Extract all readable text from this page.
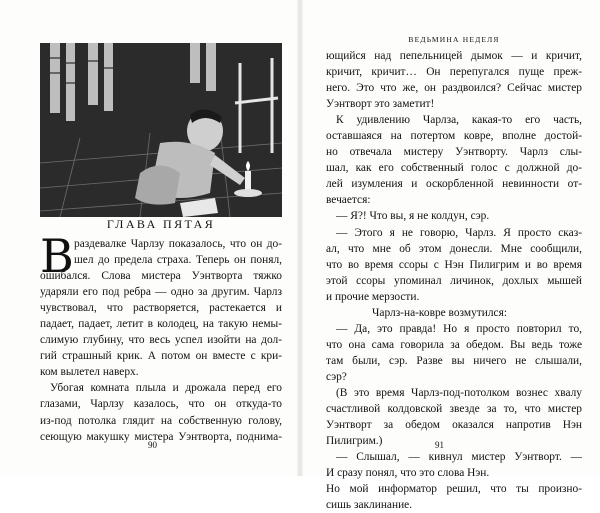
ГЛАВА ПЯТАЯ
В раздевалке Чарлзу показалось, что он до-
шел до предела страха. Теперь он понял,
ошибался. Слова мистера Уэнтворта тяжко
ударяли его под ребра — одно за другим. Чарлз
чувствовал, что растворяется, растекается и
падает, падает, летит в колодец, на такую немы-
слимую глубину, что весь успел изойти на дол-
гий страшный крик. А потом он вместе с кри-
ком вылетел наверх.
Убогая комната плыла и дрожала перед его
глазами, Чарлзу казалось, что он откуда-то
из-под потолка глядит на собственную голову,
сеющую макушку мистера Уэнтворта, поднима-
90
ВЕДЬМИНА НЕДЕЛЯ
ющийся над пепельницей дымок — и кричит,
кричит, кричит… Он перепугался пуще преж-
него. Это что же, он раздвоился? Сейчас мистер
Уэнтворт это заметит!
К удивлению Чарлза, какая-то его часть,
оставшаяся на потертом ковре, вполне достой-
но отвечала мистеру Уэнтворту. Чарлз слы-
шал, как его собственный голос с должной до-
лей изумления и оскорбленной невинности от-
вечается:
— Я?! Что вы, я не колдун, сэр.
— Этого я не говорю, Чарлз. Я просто сказ-
ал, что мне об этом донесли. Мне сообщили,
что во время ссоры с Нэн Пилигрим и во время
этой ссоры упоминал личинок, дохлых мышей
и прочие мерзости.
Чарлз-на-ковре возмутился:
— Да, это правда! Но я просто повторил то,
что она сама говорила за обедом. Вы ведь тоже
там были, сэр. Разве вы ничего не слышали,
сэр?
(В это время Чарлз-под-потолком вознес хвалу
счастливой колдовской звезде за то, что мистер
Уэнтворт за обедом оказался напротив Нэн
Пилигрим.)
— Слышал, — кивнул мистер Уэнтворт. —
И сразу понял, что это слова Нэн.
Но мой информатор решил, что ты произно-
сишь заклинание.
91
